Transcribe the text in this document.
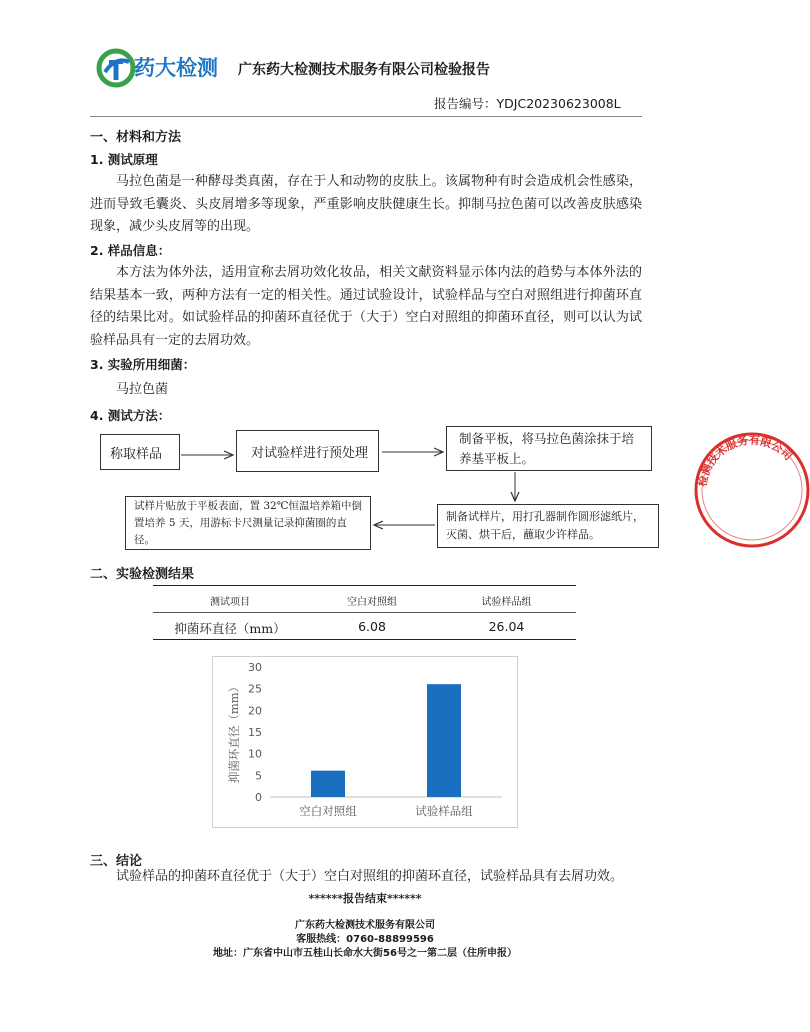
药大检测 广东药大检测技术服务有限公司检验报告
报告编号：YDJC20230623008L
一、材料和方法
1. 测试原理
马拉色菌是一种酵母类真菌，存在于人和动物的皮肤上。该属物种有时会造成机会性感染，进而导致毛囊炎、头皮屑增多等现象，严重影响皮肤健康生长。抑制马拉色菌可以改善皮肤感染现象，减少头皮屑等的出现。
2. 样品信息：
本方法为体外法，适用宣称去屑功效化妆品，相关文献资料显示体内法的趋势与本体外法的结果基本一致，两种方法有一定的相关性。通过试验设计，试验样品与空白对照组进行抑菌环直径的结果比对。如试验样品的抑菌环直径优于（大于）空白对照组的抑菌环直径，则可以认为试验样品具有一定的去屑功效。
3. 实验所用细菌：
马拉色菌
4. 测试方法：
称取样品	对试验样进行预处理
制备平板，将马拉色菌涂抹于培养基平板上。
制备试样片，用打孔器制作圆形滤纸片，灭菌、烘干后，蘸取少许样品。
试样片贴放于平板表面，置 32℃恒温培养箱中倒置培养 5 天，用游标卡尺测量记录抑菌圈的直径。
二、实验检测结果
测试项目	空白对照组	试验样品组
抑菌环直径（mm）	6.08	26.04
0
5
10
15
20
25
30
抑菌环直径（mm）
空白对照组	试验样品组
三、结论
试验样品的抑菌环直径优于（大于）空白对照组的抑菌环直径，试验样品具有去屑功效。
******报告结束******
广东药大检测技术服务有限公司
客服热线：0760-88899596
地址：广东省中山市五桂山长命水大街56号之一第二层（住所申报）
检测技术服务有限公司
